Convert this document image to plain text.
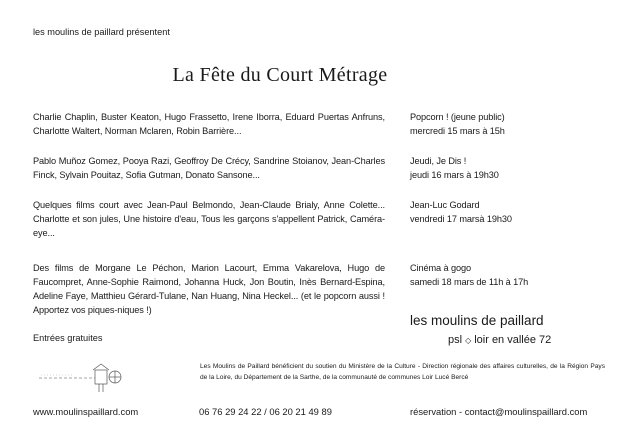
les moulins de paillard présentent
La Fête du Court Métrage
Charlie Chaplin, Buster Keaton, Hugo Frassetto, Irene Iborra, Eduard Puertas Anfruns, Charlotte Waltert, Norman Mclaren, Robin Barrière...
Pablo Muñoz Gomez, Pooya Razi, Geoffroy De Crécy, Sandrine Stoianov, Jean-Charles Finck, Sylvain Pouitaz, Sofia Gutman, Donato Sansone...
Quelques films court avec Jean-Paul Belmondo, Jean-Claude Brialy, Anne Colette... Charlotte et son jules, Une histoire d'eau, Tous les garçons s'appellent Patrick, Caméra-eye...
Des films de Morgane Le Péchon, Marion Lacourt, Emma Vakarelova, Hugo de Faucompret, Anne-Sophie Raimond, Johanna Huck, Jon Boutin, Inès Bernard-Espina, Adeline Faye, Matthieu Gérard-Tulane, Nan Huang, Nina Heckel... (et le popcorn aussi ! Apportez vos piques-niques !)
Entrées gratuites
Popcorn ! (jeune public)
mercredi 15 mars à 15h
Jeudi, Je Dis !
jeudi 16 mars à 19h30
Jean-Luc Godard
vendredi 17 marsà 19h30
Cinéma à gogo
samedi 18 mars de 11h à 17h
les moulins de paillard
psl ◇ loir en vallée 72
Les Moulins de Paillard bénéficient du soutien du Ministère de la Culture - Direction régionale des affaires culturelles, de la Région Pays de la Loire, du Département de la Sarthe, de la communauté de communes Loir Lucé Bercé
www.moulinspaillard.com	06 76 29 24 22 / 06 20 21 49 89	réservation - contact@moulinspaillard.com
